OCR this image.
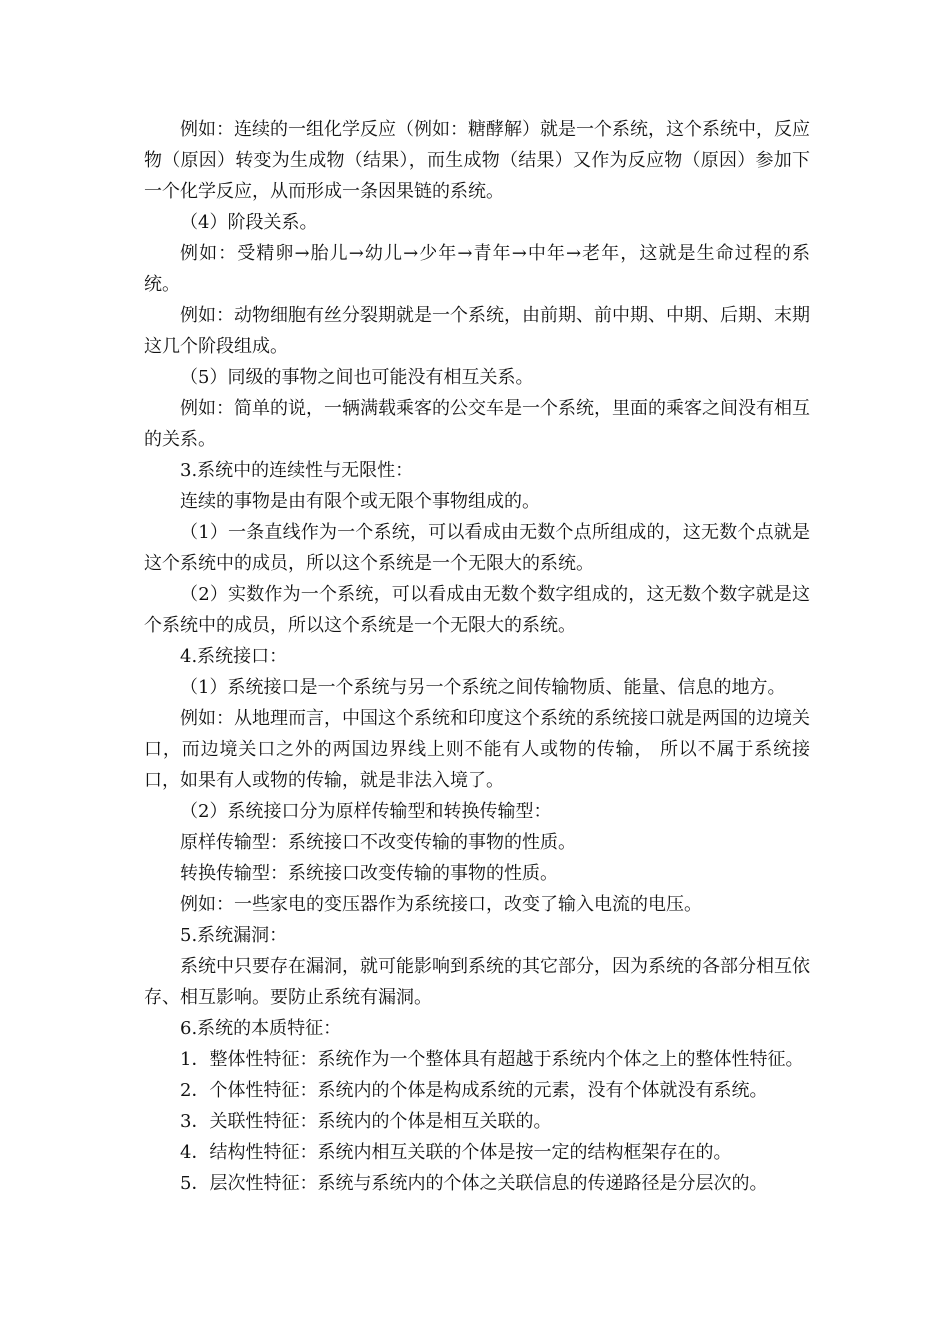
例如：连续的一组化学反应（例如：糖酵解）就是一个系统，这个系统中，反应物（原因）转变为生成物（结果），而生成物（结果）又作为反应物（原因）参加下一个化学反应，从而形成一条因果链的系统。

（4）阶段关系。

例如：受精卵→胎儿→幼儿→少年→青年→中年→老年，这就是生命过程的系统。

例如：动物细胞有丝分裂期就是一个系统，由前期、前中期、中期、后期、末期这几个阶段组成。

（5）同级的事物之间也可能没有相互关系。

例如：简单的说，一辆满载乘客的公交车是一个系统，里面的乘客之间没有相互的关系。

3.系统中的连续性与无限性：

连续的事物是由有限个或无限个事物组成的。

（1）一条直线作为一个系统，可以看成由无数个点所组成的，这无数个点就是这个系统中的成员，所以这个系统是一个无限大的系统。

（2）实数作为一个系统，可以看成由无数个数字组成的，这无数个数字就是这个系统中的成员，所以这个系统是一个无限大的系统。

4.系统接口：

（1）系统接口是一个系统与另一个系统之间传输物质、能量、信息的地方。

例如：从地理而言，中国这个系统和印度这个系统的系统接口就是两国的边境关口，而边境关口之外的两国边界线上则不能有人或物的传输， 所以不属于系统接口，如果有人或物的传输，就是非法入境了。

（2）系统接口分为原样传输型和转换传输型：

原样传输型：系统接口不改变传输的事物的性质。

转换传输型：系统接口改变传输的事物的性质。

例如：一些家电的变压器作为系统接口，改变了输入电流的电压。

5.系统漏洞：

系统中只要存在漏洞，就可能影响到系统的其它部分，因为系统的各部分相互依存、相互影响。要防止系统有漏洞。

6.系统的本质特征：

1．整体性特征：系统作为一个整体具有超越于系统内个体之上的整体性特征。

2．个体性特征：系统内的个体是构成系统的元素，没有个体就没有系统。

3．关联性特征：系统内的个体是相互关联的。

4．结构性特征：系统内相互关联的个体是按一定的结构框架存在的。

5．层次性特征：系统与系统内的个体之关联信息的传递路径是分层次的。
